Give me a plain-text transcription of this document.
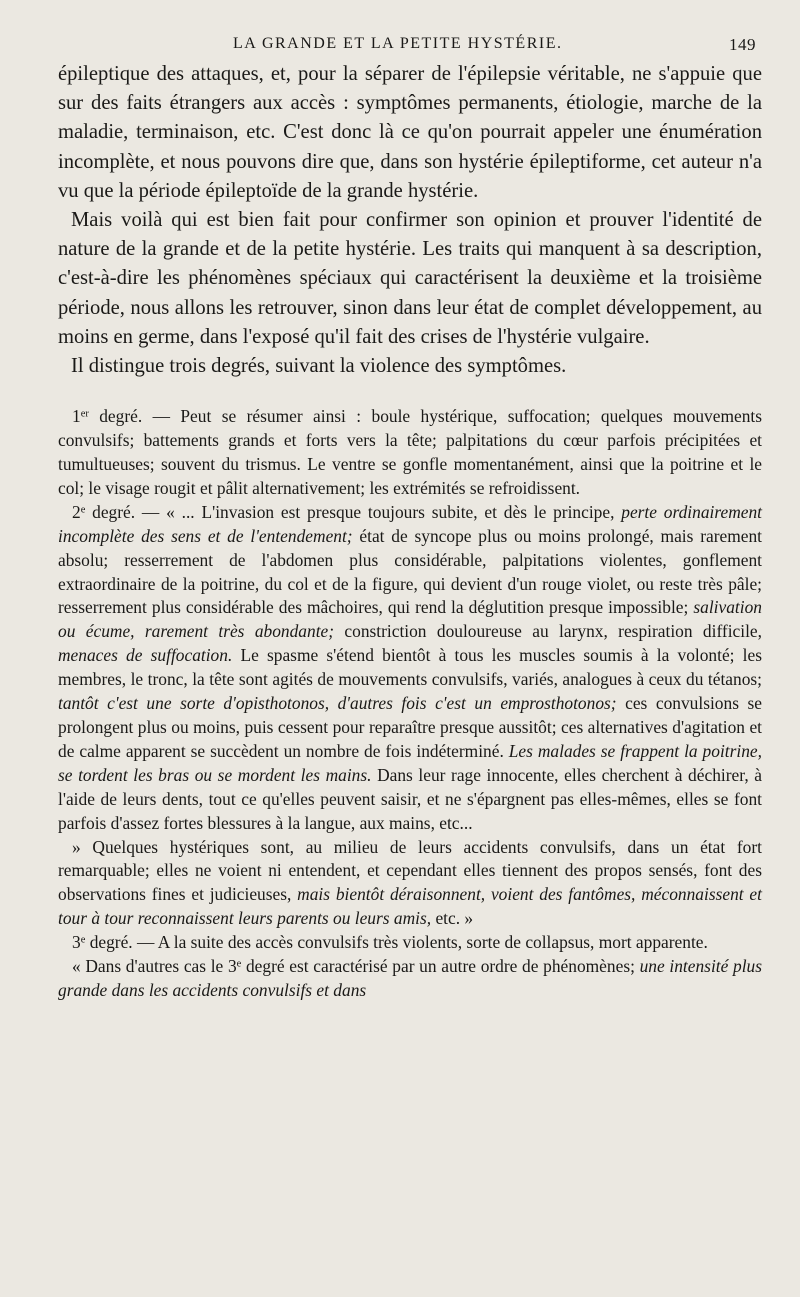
LA GRANDE ET LA PETITE HYSTÉRIE.	149

épileptique des attaques, et, pour la séparer de l'épilepsie véritable, ne s'appuie que sur des faits étrangers aux accès : symptômes permanents, étiologie, marche de la maladie, terminaison, etc. C'est donc là ce qu'on pourrait appeler une énumération incomplète, et nous pouvons dire que, dans son hystérie épileptiforme, cet auteur n'a vu que la période épileptoïde de la grande hystérie.

Mais voilà qui est bien fait pour confirmer son opinion et prouver l'identité de nature de la grande et de la petite hystérie. Les traits qui manquent à sa description, c'est-à-dire les phénomènes spéciaux qui caractérisent la deuxième et la troisième période, nous allons les retrouver, sinon dans leur état de complet développement, au moins en germe, dans l'exposé qu'il fait des crises de l'hystérie vulgaire.

Il distingue trois degrés, suivant la violence des symptômes.

1er degré. — Peut se résumer ainsi : boule hystérique, suffocation; quelques mouvements convulsifs; battements grands et forts vers la tête; palpitations du cœur parfois précipitées et tumultueuses; souvent du trismus. Le ventre se gonfle momentanément, ainsi que la poitrine et le col; le visage rougit et pâlit alternativement; les extrémités se refroidissent.

2e degré. — « ... L'invasion est presque toujours subite, et dès le principe, perte ordinairement incomplète des sens et de l'entendement; état de syncope plus ou moins prolongé, mais rarement absolu; resserrement de l'abdomen plus considérable, palpitations violentes, gonflement extraordinaire de la poitrine, du col et de la figure, qui devient d'un rouge violet, ou reste très pâle; resserrement plus considérable des mâchoires, qui rend la déglutition presque impossible; salivation ou écume, rarement très abondante; constriction douloureuse au larynx, respiration difficile, menaces de suffocation. Le spasme s'étend bientôt à tous les muscles soumis à la volonté; les membres, le tronc, la tête sont agités de mouvements convulsifs, variés, analogues à ceux du tétanos; tantôt c'est une sorte d'opisthotonos, d'autres fois c'est un emprosthotonos; ces convulsions se prolongent plus ou moins, puis cessent pour reparaître presque aussitôt; ces alternatives d'agitation et de calme apparent se succèdent un nombre de fois indéterminé. Les malades se frappent la poitrine, se tordent les bras ou se mordent les mains. Dans leur rage innocente, elles cherchent à déchirer, à l'aide de leurs dents, tout ce qu'elles peuvent saisir, et ne s'épargnent pas elles-mêmes, elles se font parfois d'assez fortes blessures à la langue, aux mains, etc...

» Quelques hystériques sont, au milieu de leurs accidents convulsifs, dans un état fort remarquable; elles ne voient ni entendent, et cependant elles tiennent des propos sensés, font des observations fines et judicieuses, mais bientôt déraisonnent, voient des fantômes, méconnaissent et tour à tour reconnaissent leurs parents ou leurs amis, etc. »

3e degré. — A la suite des accès convulsifs très violents, sorte de collapsus, mort apparente.

« Dans d'autres cas le 3e degré est caractérisé par un autre ordre de phénomènes; une intensité plus grande dans les accidents convulsifs et dans
